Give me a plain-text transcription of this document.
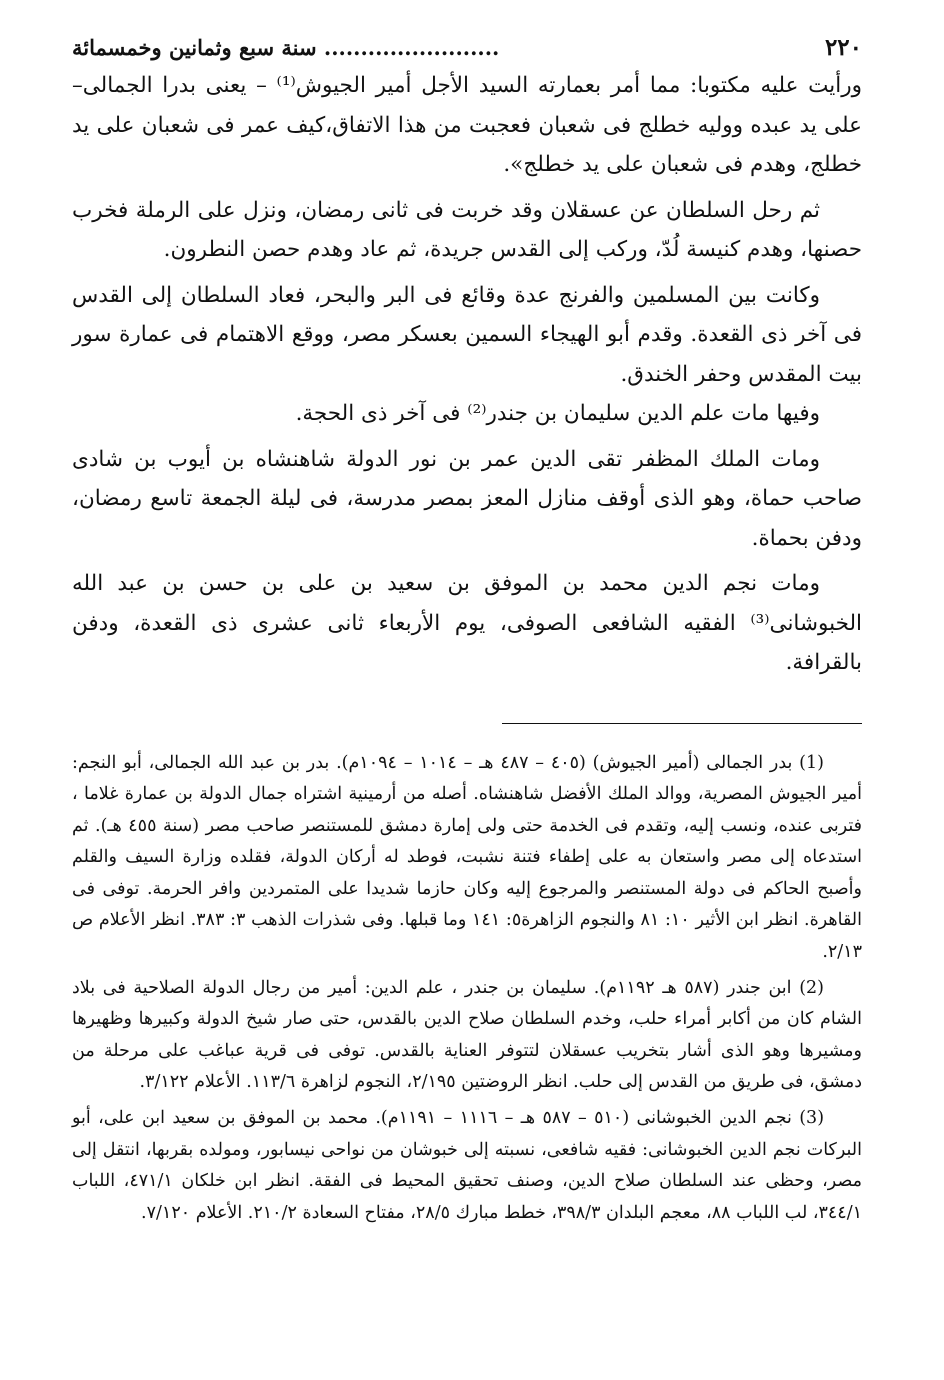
٢٢٠
........................ سنة سبع وثمانين وخمسمائة

ورأيت عليه مكتوبا: مما أمر بعمارته السيد الأجل أمير الجيوش⁽¹⁾ – يعنى بدرا الجمالى– على يد عبده ووليه خطلج فى شعبان فعجبت من هذا الاتفاق،كيف عمر فى شعبان على يد خطلج، وهدم فى شعبان على يد خطلج».

ثم رحل السلطان عن عسقلان وقد خربت فى ثانى رمضان، ونزل على الرملة فخرب حصنها، وهدم كنيسة لُدّ، وركب إلى القدس جريدة، ثم عاد وهدم حصن النطرون.

وكانت بين المسلمين والفرنج عدة وقائع فى البر والبحر، فعاد السلطان إلى القدس فى آخر ذى القعدة. وقدم أبو الهيجاء السمين بعسكر مصر، ووقع الاهتمام فى عمارة سور بيت المقدس وحفر الخندق.

وفيها مات علم الدين سليمان بن جندر⁽²⁾ فى آخر ذى الحجة.

ومات الملك المظفر تقى الدين عمر بن نور الدولة شاهنشاه بن أيوب بن شادى صاحب حماة، وهو الذى أوقف منازل المعز بمصر مدرسة، فى ليلة الجمعة تاسع رمضان، ودفن بحماة.

ومات نجم الدين محمد بن الموفق بن سعيد بن على بن حسن بن عبد الله الخبوشانى⁽³⁾ الفقيه الشافعى الصوفى، يوم الأربعاء ثانى عشرى ذى القعدة، ودفن بالقرافة.

(1) بدر الجمالى (أمير الجيوش) (٤٠٥ – ٤٨٧ هـ – ١٠١٤ – ١٠٩٤م). بدر بن عبد الله الجمالى، أبو النجم: أمير الجيوش المصرية، ووالد الملك الأفضل شاهنشاه. أصله من أرمينية اشتراه جمال الدولة بن عمارة غلاما ، فتربى عنده، ونسب إليه، وتقدم فى الخدمة حتى ولى إمارة دمشق للمستنصر صاحب مصر (سنة ٤٥٥ هـ). ثم استدعاه إلى مصر واستعان به على إطفاء فتنة نشبت، فوطد له أركان الدولة، فقلده وزارة السيف والقلم وأصبح الحاكم فى دولة المستنصر والمرجوع إليه وكان حازما شديدا على المتمردين وافر الحرمة. توفى فى القاهرة. انظر ابن الأثير ١٠: ٨١ والنجوم الزاهرة٥: ١٤١ وما قبلها. وفى شذرات الذهب ٣: ٣٨٣. انظر الأعلام ص ٢/١٣.

(2) ابن جندر (٥٨٧ هـ ١١٩٢م). سليمان بن جندر ، علم الدين: أمير من رجال الدولة الصلاحية فى بلاد الشام كان من أكابر أمراء حلب، وخدم السلطان صلاح الدين بالقدس، حتى صار شيخ الدولة وكبيرها وظهيرها ومشيرها وهو الذى أشار بتخريب عسقلان لتتوفر العناية بالقدس. توفى فى قرية عباغب على مرحلة من دمشق، فى طريق من القدس إلى حلب. انظر الروضتين ٢/١٩٥، النجوم لزاهرة ١١٣/٦. الأعلام ٣/١٢٢.

(3) نجم الدين الخبوشانى (٥١٠ – ٥٨٧ هـ – ١١١٦ – ١١٩١م). محمد بن الموفق بن سعيد ابن على، أبو البركات نجم الدين الخبوشانى: فقيه شافعى، نسبته إلى خبوشان من نواحى نيسابور، ومولده بقربها، انتقل إلى مصر، وحظى عند السلطان صلاح الدين، وصنف تحقيق المحيط فى الفقة. انظر ابن خلكان ٤٧١/١، اللباب ٣٤٤/١، لب اللباب ٨٨، معجم البلدان ٣٩٨/٣، خطط مبارك ٢٨/٥، مفتاح السعادة ٢١٠/٢. الأعلام ٧/١٢٠.
